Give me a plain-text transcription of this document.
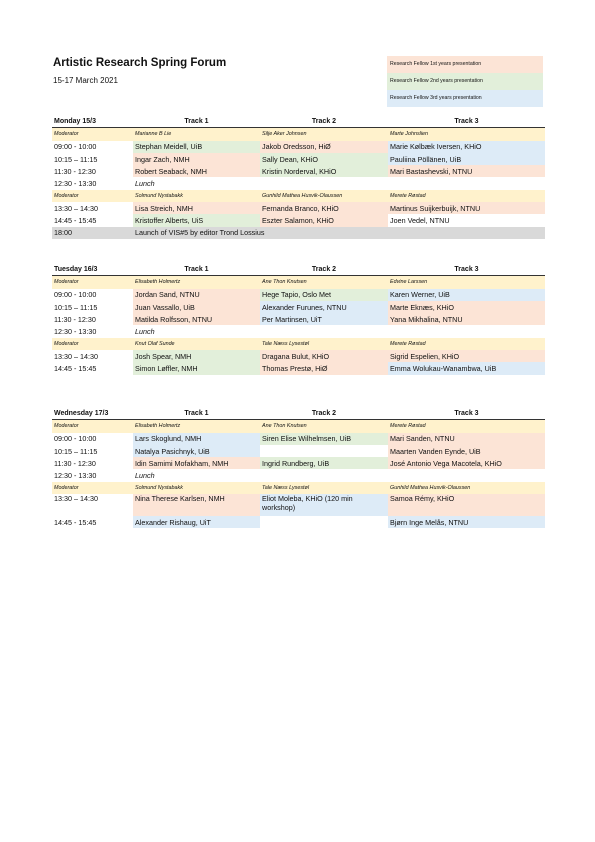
Artistic Research Spring Forum
15-17 March 2021
Research Fellow 1st years presentation
Research Fellow 2nd years presentation
Research Fellow 3rd years presentation
Monday 15/3	Track 1	Track 2	Track 3
Moderator	Marianne B Lie	Silje Aker Johnsen	Marte Johnslien
09:00 - 10:00	Stephan Meidell, UiB	Jakob Oredsson, HiØ	Marie Kølbæk Iversen, KHiO
10:15 – 11:15	Ingar Zach, NMH	Sally Dean, KHiO	Pauliina Pöllänen, UiB
11:30 - 12:30	Robert Seaback, NMH	Kristin Norderval, KHiO	Mari Bastashevski, NTNU
12:30 - 13:30	Lunch		
Moderator	Solmund Nystabakk	Gunhild Mathea Husvik-Olaussen	Merete Røstad
13:30 – 14:30	Lisa Streich, NMH	Fernanda Branco, KHiO	Martinus Suijkerbuijk, NTNU
14:45 - 15:45	Kristoffer Alberts, UiS	Eszter Salamon, KHiO	Joen Vedel, NTNU
18:00	Launch of VIS#5 by editor Trond Lossius		
Tuesday 16/3	Track 1	Track 2	Track 3
Moderator	Elisabeth Holmertz	Ane Thon Knutsen	Edvine Larssen
09:00 - 10:00	Jordan Sand, NTNU	Hege Tapio, Oslo Met	Karen Werner, UiB
10:15 – 11:15	Juan Vassallo, UiB	Alexander Furunes, NTNU	Marte Eknæs, KHiO
11:30 - 12:30	Matilda Rolfsson, NTNU	Per Martinsen, UiT	Yana Mikhalina, NTNU
12:30 - 13:30	Lunch		
Moderator	Knut Olaf Sunde	Tale Næss Lysestøl	Merete Røstad
13:30 – 14:30	Josh Spear, NMH	Dragana Bulut, KHiO	Sigrid Espelien, KHiO
14:45 - 15:45	Simon Løffler, NMH	Thomas Prestø, HiØ	Emma Wolukau-Wanambwa, UiB
Wednesday 17/3	Track 1	Track 2	Track 3
Moderator	Elisabeth Holmertz	Ane Thon Knutsen	Merete Røstad
09:00 - 10:00	Lars Skoglund, NMH	Siren Elise Wilhelmsen, UiB	Mari Sanden, NTNU
10:15 – 11:15	Natalya Pasichnyk, UiB		Maarten Vanden Eynde, UiB
11:30 - 12:30	Idin Samimi Mofakham, NMH	Ingrid Rundberg, UiB	José Antonio Vega Macotela, KHiO
12:30 - 13:30	Lunch		
Moderator	Solmund Nystabakk	Tale Næss Lysestøl	Gunhild Mathea Husvik-Olaussen
13:30 – 14:30	Nina Therese Karlsen, NMH	Eliot Moleba, KHiO (120 min workshop)	Samoa Rémy, KHiO
14:45 - 15:45	Alexander Rishaug, UiT		Bjørn Inge Melås, NTNU
